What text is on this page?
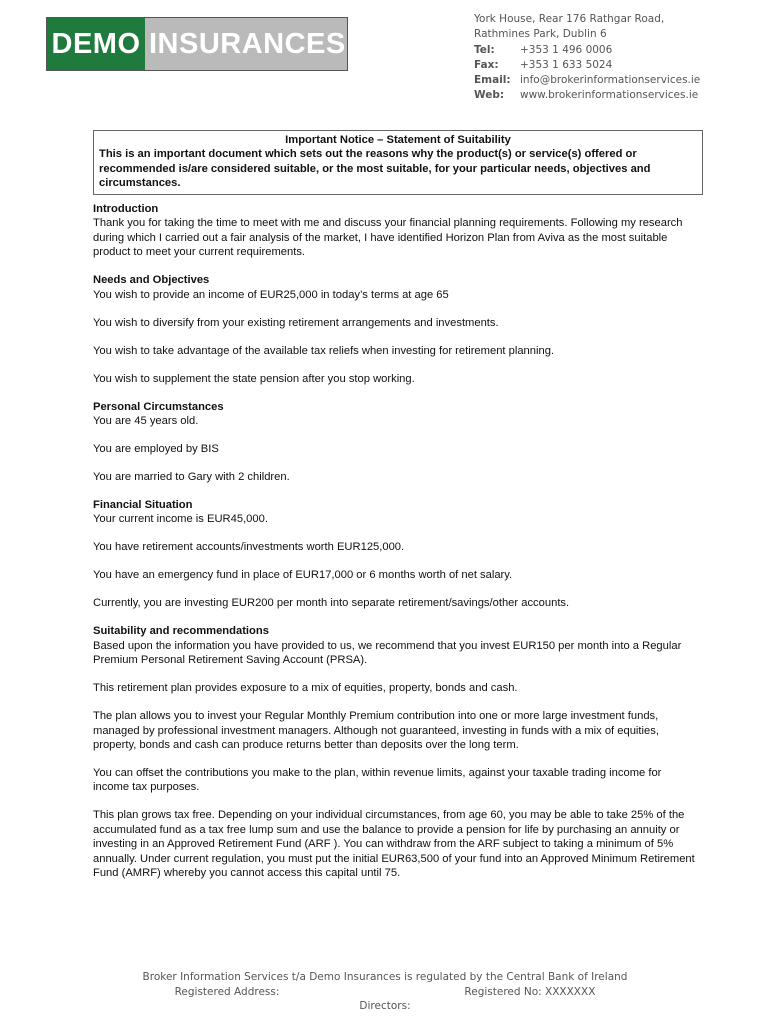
DEMO INSURANCES
York House, Rear 176 Rathgar Road,
Rathmines Park, Dublin 6
Tel:	+353 1 496 0006
Fax:	+353 1 633 5024
Email: info@brokerinformationservices.ie
Web:	www.brokerinformationservices.ie
Important Notice – Statement of Suitability
This is an important document which sets out the reasons why the product(s) or service(s) offered or recommended is/are considered suitable, or the most suitable, for your particular needs, objectives and circumstances.
Introduction

Thank you for taking the time to meet with me and discuss your financial planning requirements. Following my research during which I carried out a fair analysis of the market, I have identified Horizon Plan from Aviva as the most suitable product to meet your current requirements.

Needs and Objectives

You wish to provide an income of EUR25,000 in today’s terms at age 65

You wish to diversify from your existing retirement arrangements and investments.

You wish to take advantage of the available tax reliefs when investing for retirement planning.

You wish to supplement the state pension after you stop working.

Personal Circumstances

You are 45 years old.

You are employed by BIS

You are married to Gary with 2 children.

Financial Situation

Your current income is EUR45,000.

You have retirement accounts/investments worth EUR125,000.

You have an emergency fund in place of EUR17,000 or 6 months worth of net salary.

Currently, you are investing EUR200 per month into separate retirement/savings/other accounts.

Suitability and recommendations

Based upon the information you have provided to us, we recommend that you invest EUR150 per month into a Regular Premium Personal Retirement Saving Account (PRSA).

This retirement plan provides exposure to a mix of equities, property, bonds and cash.

The plan allows you to invest your Regular Monthly Premium contribution into one or more large investment funds, managed by professional investment managers. Although not guaranteed, investing in funds with a mix of equities, property, bonds and cash can produce returns better than deposits over the long term.

You can offset the contributions you make to the plan, within revenue limits, against your taxable trading income for income tax purposes.

This plan grows tax free. Depending on your individual circumstances, from age 60, you may be able to take 25% of the accumulated fund as a tax free lump sum and use the balance to provide a pension for life by purchasing an annuity or investing in an Approved Retirement Fund (ARF ). You can withdraw from the ARF subject to taking a minimum of 5% annually. Under current regulation, you must put the initial EUR63,500 of your fund into an Approved Minimum Retirement Fund (AMRF) whereby you cannot access this capital until 75.

Broker Information Services t/a Demo Insurances is regulated by the Central Bank of Ireland
Registered Address:	Registered No: XXXXXXX
Directors:
